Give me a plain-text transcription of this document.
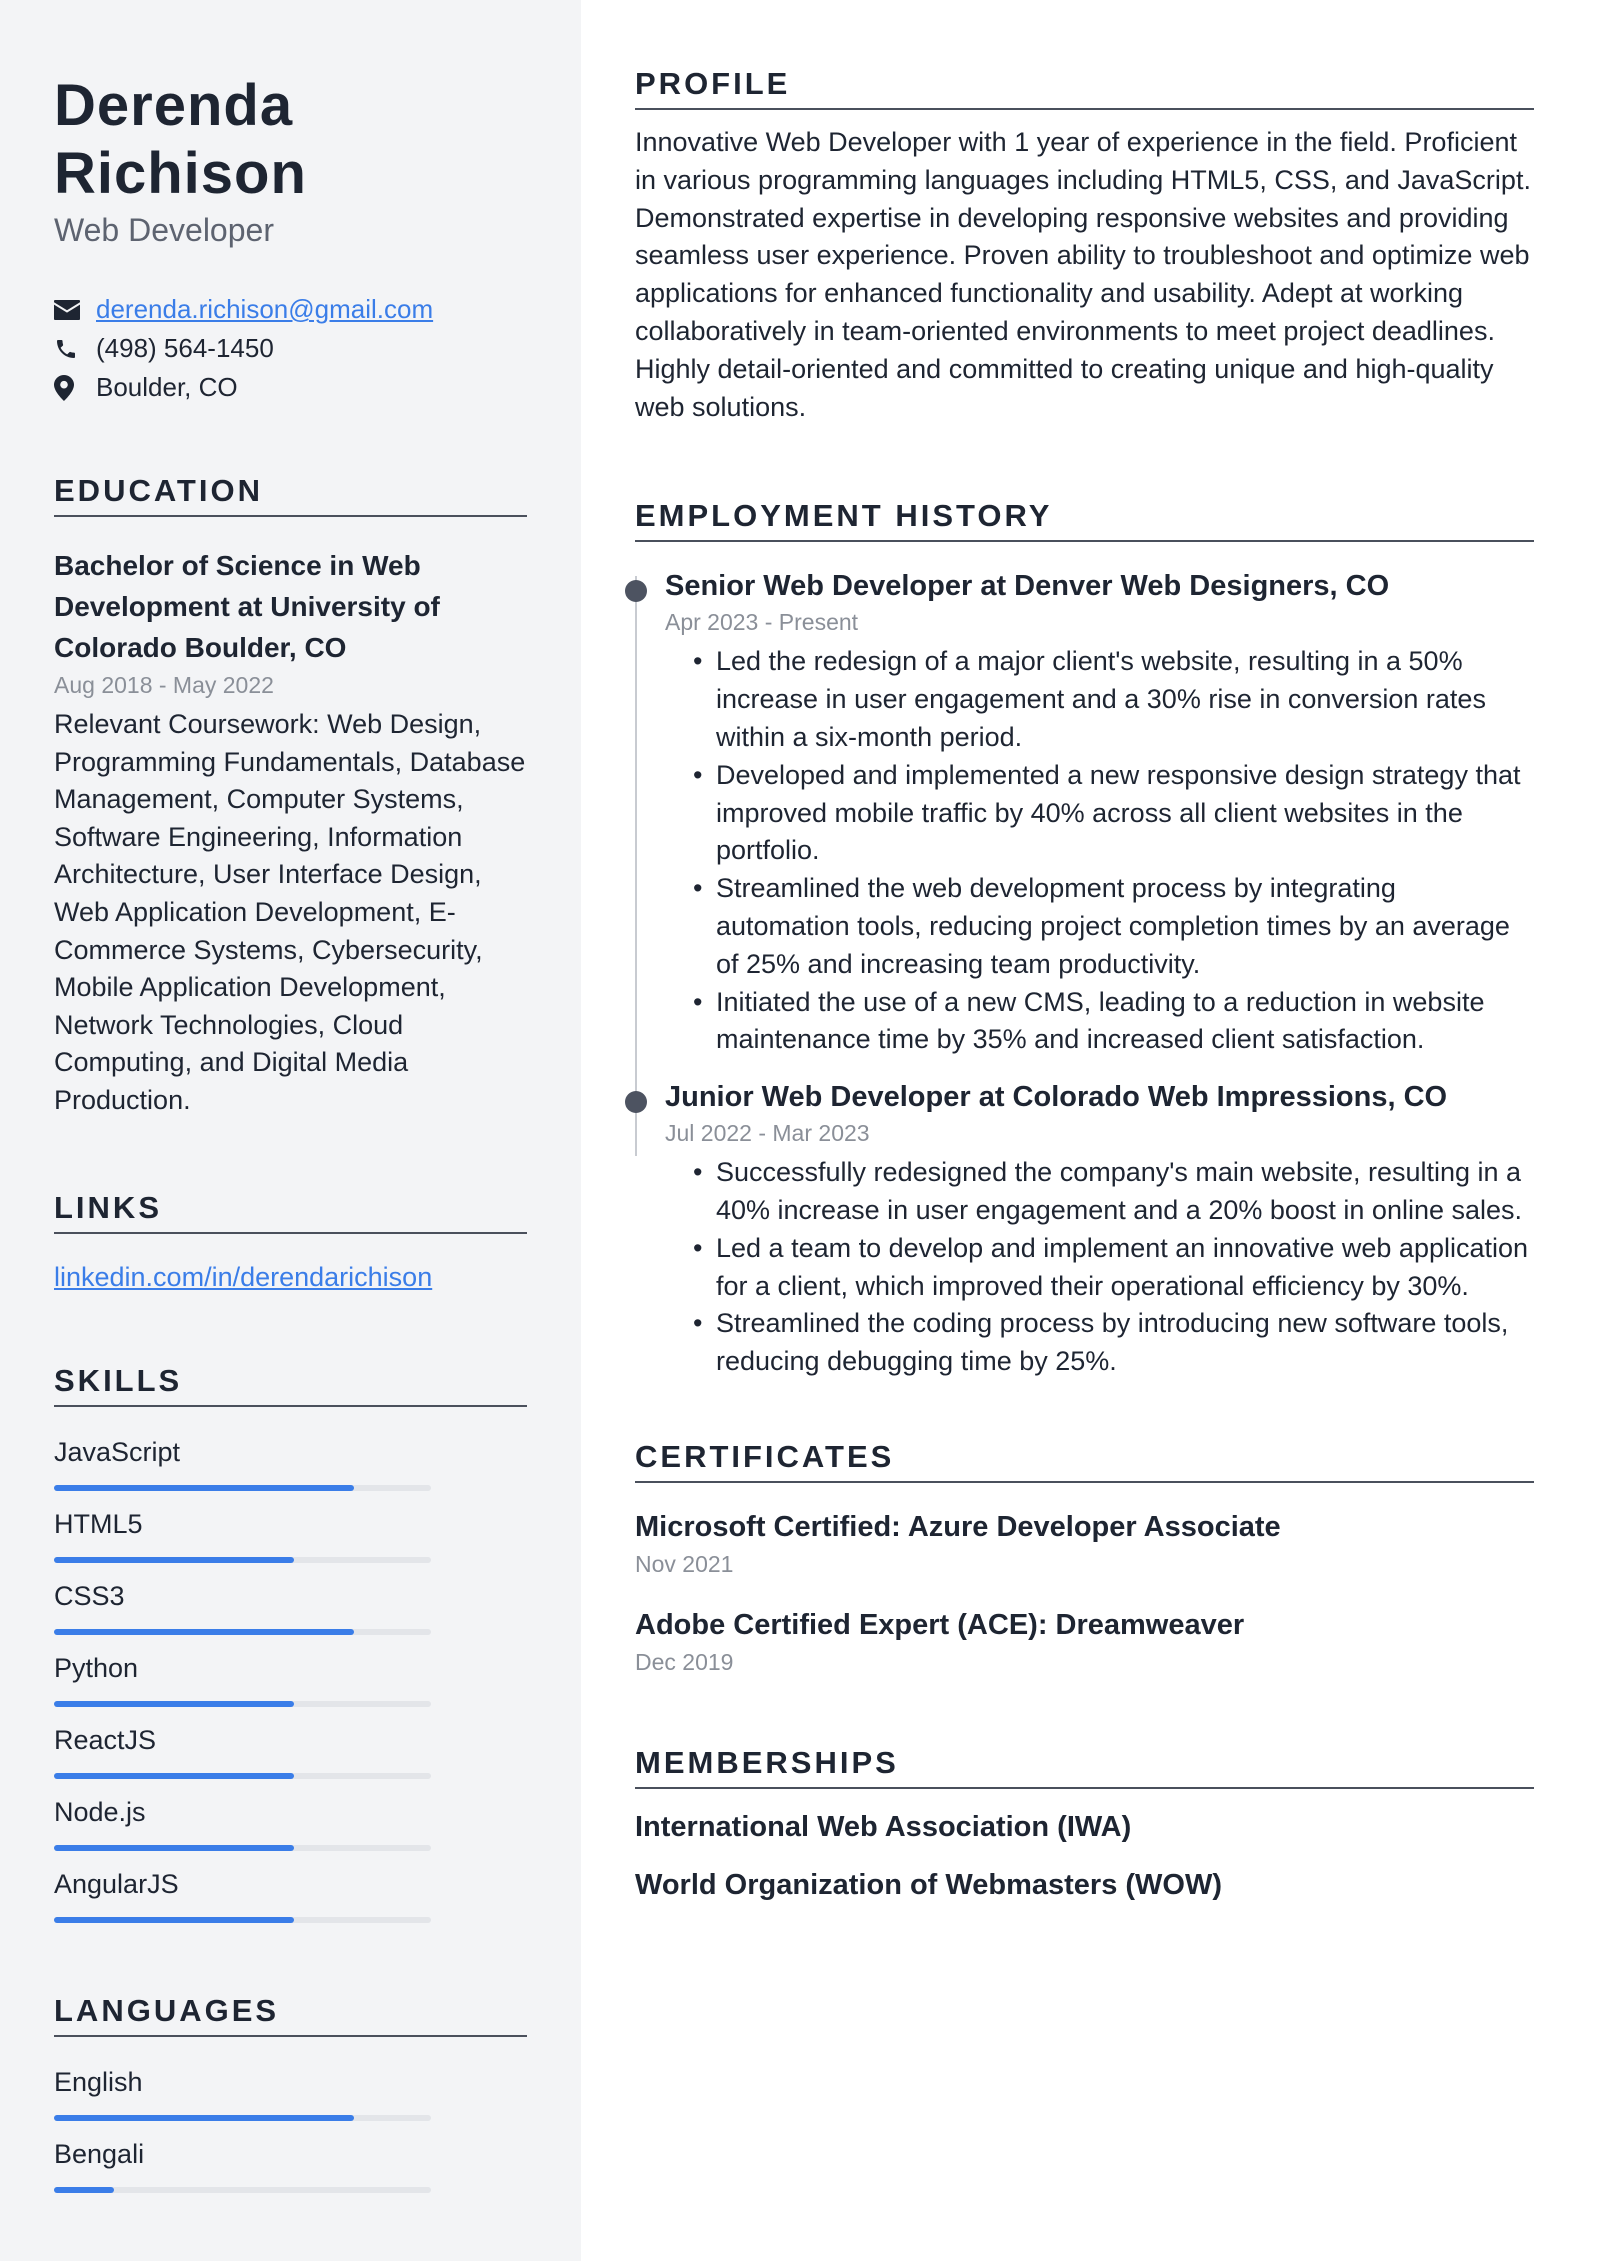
Derenda
Richison
Web Developer
derenda.richison@gmail.com
(498) 564-1450
Boulder, CO
EDUCATION
Bachelor of Science in Web Development at University of Colorado Boulder, CO
Aug 2018 - May 2022
Relevant Coursework: Web Design, Programming Fundamentals, Database Management, Computer Systems, Software Engineering, Information Architecture, User Interface Design, Web Application Development, E-Commerce Systems, Cybersecurity, Mobile Application Development, Network Technologies, Cloud Computing, and Digital Media Production.
LINKS
linkedin.com/in/derendarichison
SKILLS
JavaScript
HTML5
CSS3
Python
ReactJS
Node.js
AngularJS
LANGUAGES
English
Bengali
PROFILE
Innovative Web Developer with 1 year of experience in the field. Proficient in various programming languages including HTML5, CSS, and JavaScript. Demonstrated expertise in developing responsive websites and providing seamless user experience. Proven ability to troubleshoot and optimize web applications for enhanced functionality and usability. Adept at working collaboratively in team-oriented environments to meet project deadlines. Highly detail-oriented and committed to creating unique and high-quality web solutions.
EMPLOYMENT HISTORY
Senior Web Developer at Denver Web Designers, CO
Apr 2023 - Present
• Led the redesign of a major client's website, resulting in a 50% increase in user engagement and a 30% rise in conversion rates within a six-month period.
• Developed and implemented a new responsive design strategy that improved mobile traffic by 40% across all client websites in the portfolio.
• Streamlined the web development process by integrating automation tools, reducing project completion times by an average of 25% and increasing team productivity.
• Initiated the use of a new CMS, leading to a reduction in website maintenance time by 35% and increased client satisfaction.
Junior Web Developer at Colorado Web Impressions, CO
Jul 2022 - Mar 2023
• Successfully redesigned the company's main website, resulting in a 40% increase in user engagement and a 20% boost in online sales.
• Led a team to develop and implement an innovative web application for a client, which improved their operational efficiency by 30%.
• Streamlined the coding process by introducing new software tools, reducing debugging time by 25%.
CERTIFICATES
Microsoft Certified: Azure Developer Associate
Nov 2021
Adobe Certified Expert (ACE): Dreamweaver
Dec 2019
MEMBERSHIPS
International Web Association (IWA)
World Organization of Webmasters (WOW)
